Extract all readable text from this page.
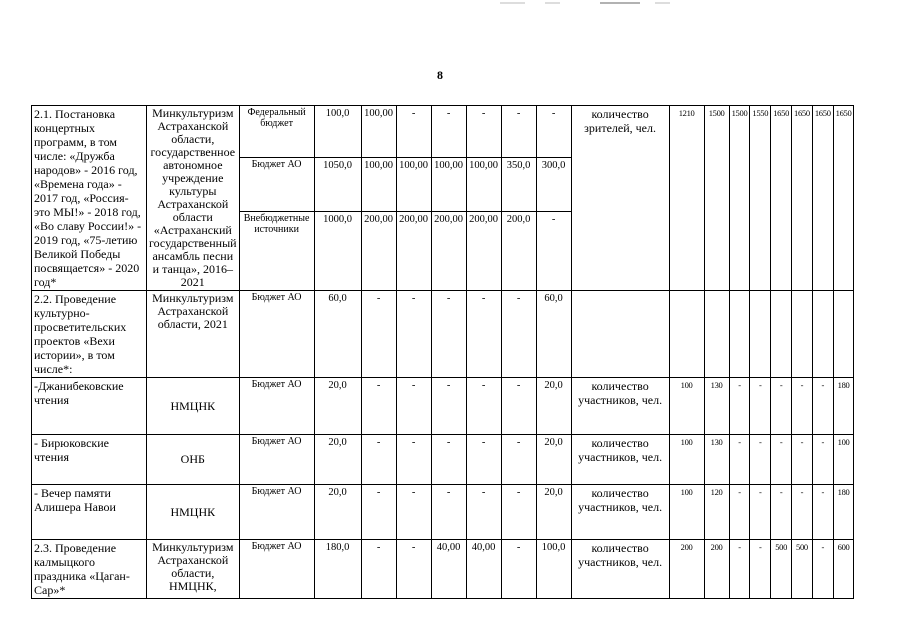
8
2.1. Постановка концертных программ, в том числе: «Дружба народов» - 2016 год, «Времена года» - 2017 год, «Россия-это МЫ!» - 2018 год, «Во славу России!» - 2019 год, «75-летию Великой Победы посвящается» - 2020 год*	Минкультуризм Астраханской области, государственное автономное учреждение культуры Астраханской области «Астраханский государственный ансамбль песни и танца», 2016–2021	Федеральный бюджет	100,0	100,00	-	-	-	-	-	количество зрителей, чел.	1210	1500	1500	1550	1650	1650	1650	1650
		Бюджет АО	1050,0	100,00	100,00	100,00	100,00	350,0	300,0									
		Внебюджетные источники	1000,0	200,00	200,00	200,00	200,00	200,0	-									
2.2. Проведение культурно-просветительских проектов «Вехи истории», в том числе*:	Минкультуризм Астраханской области, 2021	Бюджет АО	60,0	-	-	-	-	-	60,0									
-Джанибековские чтения	НМЦНК	Бюджет АО	20,0	-	-	-	-	-	20,0	количество участников, чел.	100	130	-	-	-	-	-	180
- Бирюковские чтения	ОНБ	Бюджет АО	20,0	-	-	-	-	-	20,0	количество участников, чел.	100	130	-	-	-	-	-	100
- Вечер памяти Алишера Навои	НМЦНК	Бюджет АО	20,0	-	-	-	-	-	20,0	количество участников, чел.	100	120	-	-	-	-	-	180
2.3. Проведение калмыцкого праздника «Цаган-Сар»*	Минкультуризм Астраханской области, НМЦНК,	Бюджет АО	180,0	-	-	40,00	40,00	-	100,0	количество участников, чел.	200	200	-	-	500	500	-	600
